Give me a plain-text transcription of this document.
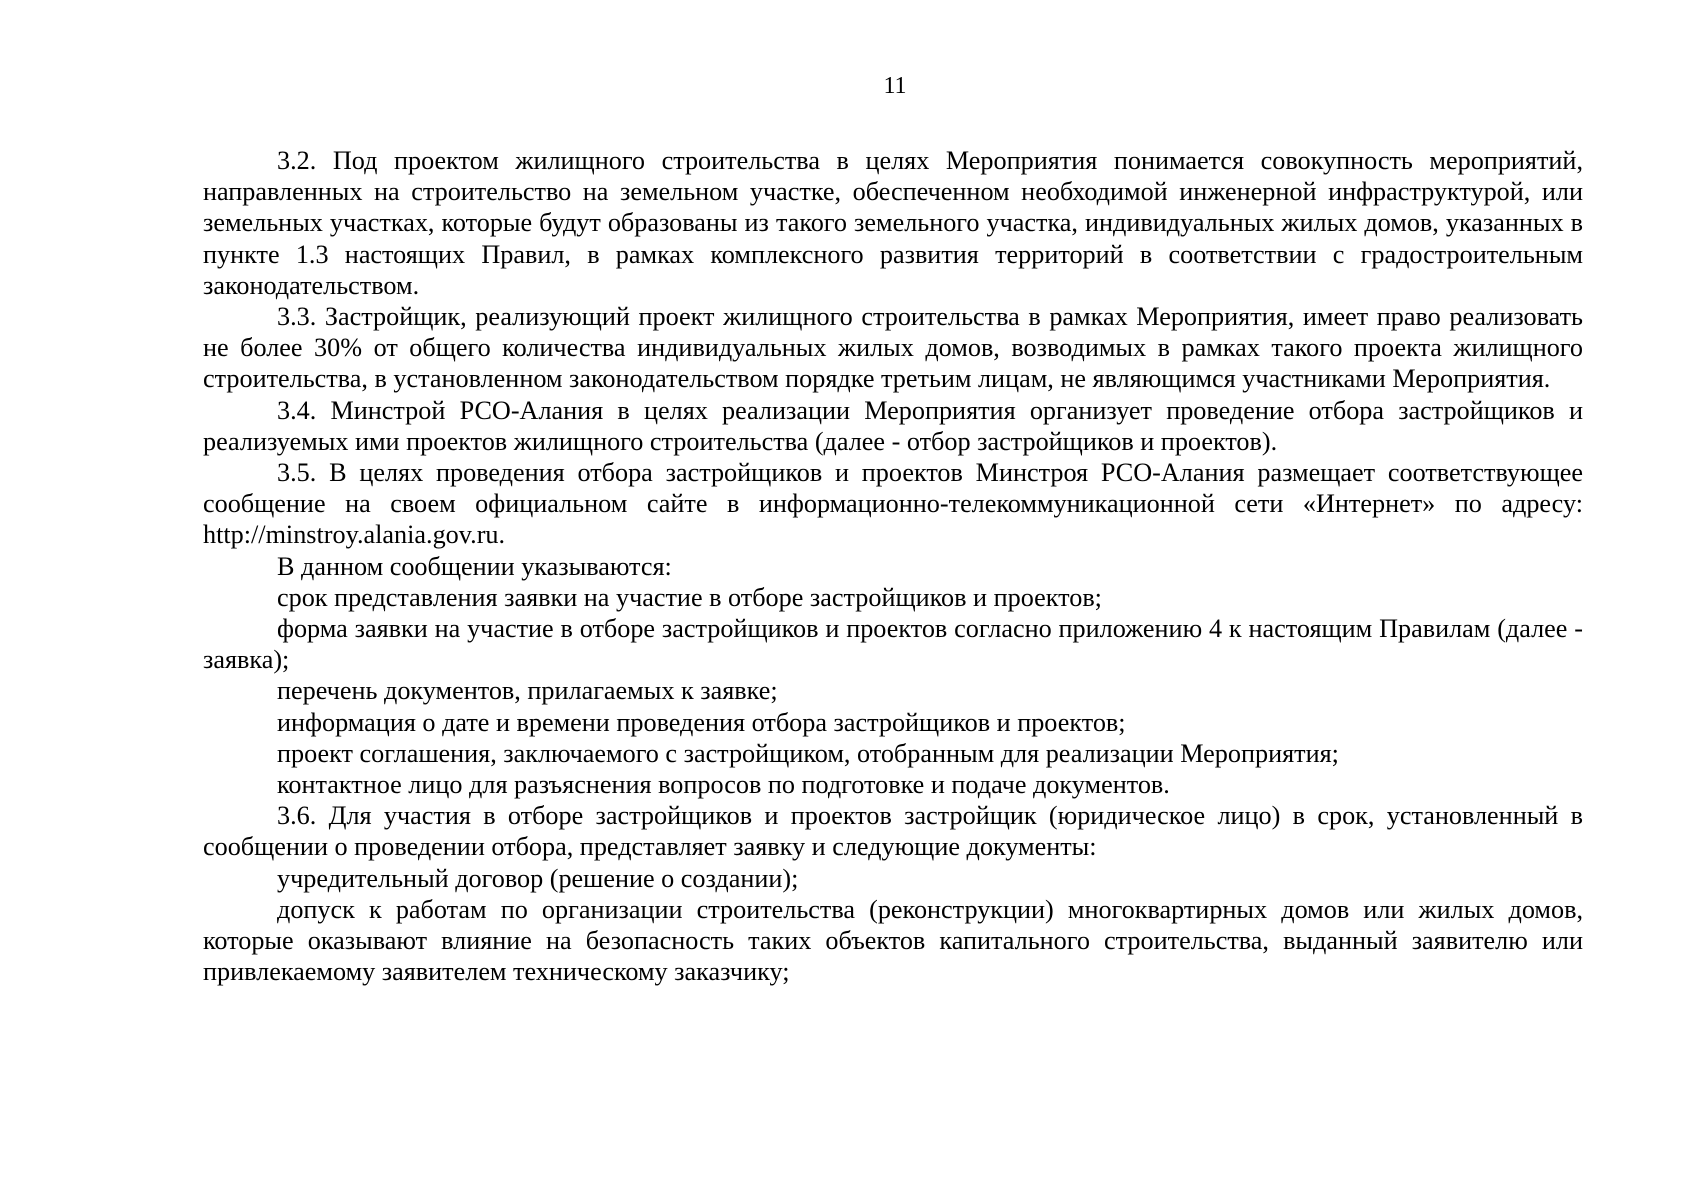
11

3.2. Под проектом жилищного строительства в целях Мероприятия понимается совокупность мероприятий, направленных на строительство на земельном участке, обеспеченном необходимой инженерной инфраструктурой, или земельных участках, которые будут образованы из такого земельного участка, индивидуальных жилых домов, указанных в пункте 1.3 настоящих Правил, в рамках комплексного развития территорий в соответствии с градостроительным законодательством.

3.3. Застройщик, реализующий проект жилищного строительства в рамках Мероприятия, имеет право реализовать не более 30% от общего количества индивидуальных жилых домов, возводимых в рамках такого проекта жилищного строительства, в установленном законодательством порядке третьим лицам, не являющимся участниками Мероприятия.

3.4. Минстрой РСО-Алания в целях реализации Мероприятия организует проведение отбора застройщиков и реализуемых ими проектов жилищного строительства (далее - отбор застройщиков и проектов).

3.5. В целях проведения отбора застройщиков и проектов Минстроя РСО-Алания размещает соответствующее сообщение на своем официальном сайте в информационно-телекоммуникационной сети «Интернет» по адресу: http://minstroy.alania.gov.ru.

В данном сообщении указываются:

срок представления заявки на участие в отборе застройщиков и проектов;

форма заявки на участие в отборе застройщиков и проектов согласно приложению 4 к настоящим Правилам (далее - заявка);

перечень документов, прилагаемых к заявке;

информация о дате и времени проведения отбора застройщиков и проектов;

проект соглашения, заключаемого с застройщиком, отобранным для реализации Мероприятия;

контактное лицо для разъяснения вопросов по подготовке и подаче документов.

3.6. Для участия в отборе застройщиков и проектов застройщик (юридическое лицо) в срок, установленный в сообщении о проведении отбора, представляет заявку и следующие документы:

учредительный договор (решение о создании);

допуск к работам по организации строительства (реконструкции) многоквартирных домов или жилых домов, которые оказывают влияние на безопасность таких объектов капитального строительства, выданный заявителю или привлекаемому заявителем техническому заказчику;
